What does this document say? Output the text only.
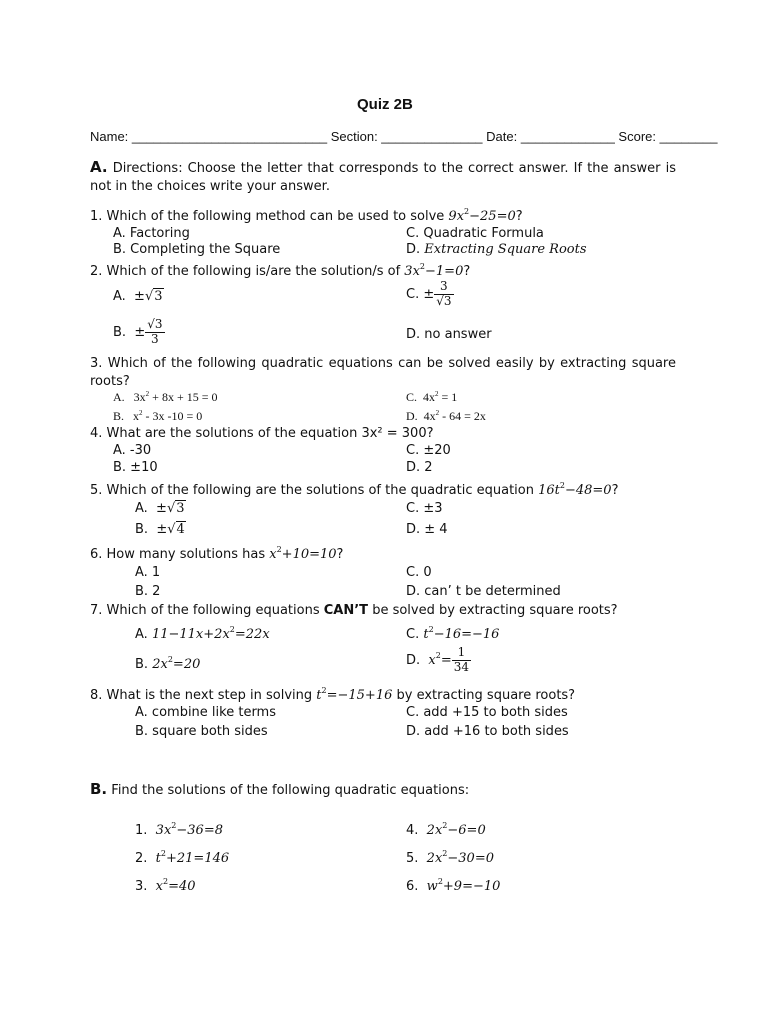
Quiz 2B
Name: ___________________________ Section: ______________ Date: _____________ Score: ________
A. Directions: Choose the letter that corresponds to the correct answer. If the answer is not in the choices write your answer.
1. Which of the following method can be used to solve $9x^2-25=0$?
A. Factoring
B. Completing the Square
C. Quadratic Formula
D. Extracting Square Roots
2. Which of the following is/are the solution/s of $3x^2-1=0$?
A.  ±√3	C. ± $\frac{3}{√3}$
B.  ± $\frac{√3}{3}$	D. no answer
3. Which of the following quadratic equations can be solved easily by extracting square roots?
A.   $3x^2 + 8x + 15 = 0$
B.   $x^2 - 3x$ -10 = 0
C.  $4x^2 = 1$
D.  $4x^2 - 64 = 2x$
4. What are the solutions of the equation 3x² = 300?
A. -30
B. ±10
C. ±20
D. 2
5. Which of the following are the solutions of the quadratic equation $16t^2-48=0$?
A.  ±√3
B.  ±√4
C. ±3
D. ± 4
6. How many solutions has $x^2+10=10$?
A. 1
B. 2
C. 0
D. can’ t be determined
7. Which of the following equations CAN’T be solved by extracting square roots?
A. $11-11x+2x^2=22x$
B. $2x^2=20$
C. $t^2-16=-16$
D. $x^2= \frac{1}{34}$
8. What is the next step in solving $t^2=-15+16$ by extracting square roots?
A. combine like terms
B. square both sides
C. add +15 to both sides
D. add +16 to both sides
B. Find the solutions of the following quadratic equations:
1. $3x^2-36=8$
2. $t^2+21=146$
3. $x^2=40$
4. $2x^2-6=0$
5. $2x^2-30=0$
6. $w^2+9=-10$
